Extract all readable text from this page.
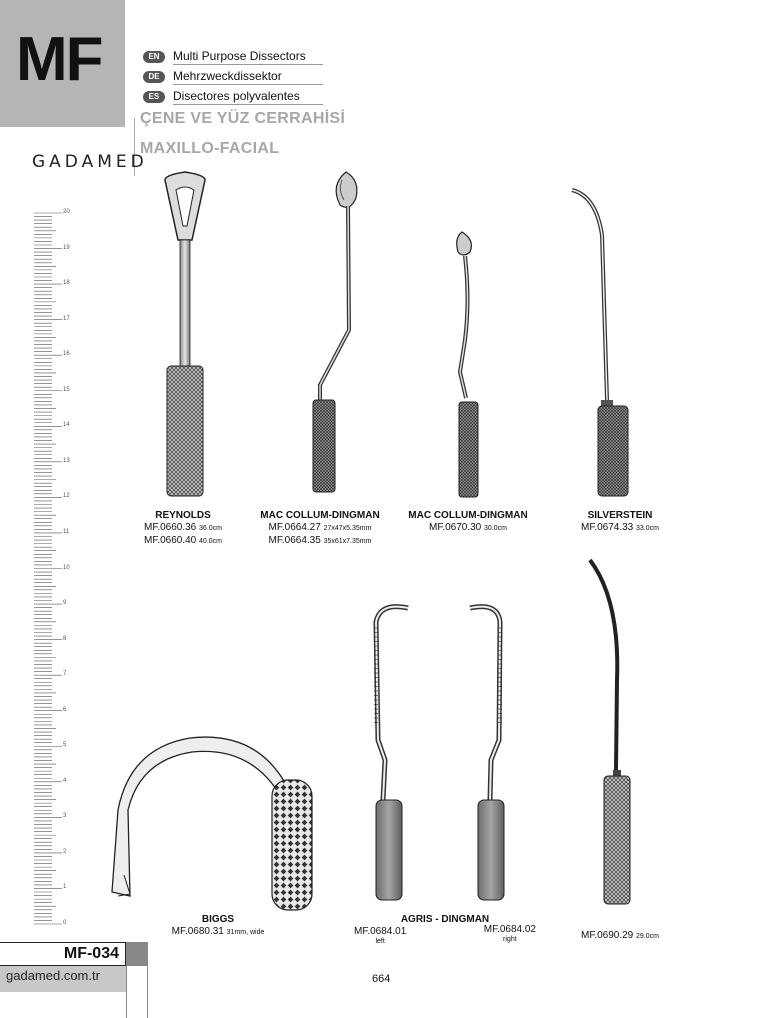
MF	EN	Multi Purpose Dissectors
DE	Mehrzweckdissektor
ES	Disectores polyvalentes
ÇENE VE YÜZ CERRAHİSİ
MAXILLO-FACIAL
GADAMED
20
19
18
17
16
15
14
13
12
11
10
9
8
7
6
5
4
3
2
1
0
REYNOLDS
MF.0660.36 36.0cm
MF.0660.40 40.0cm
MAC COLLUM-DINGMAN
MF.0664.27 27x47x5.35mm
MF.0664.35 35x61x7.35mm
MAC COLLUM-DINGMAN
MF.0670.30 30.0cm
SILVERSTEIN
MF.0674.33 33.0cm
BIGGS
MF.0680.31 31mm, wide
AGRIS - DINGMAN
MF.0684.01
left
MF.0684.02
right	MF.0690.29 29.0cm
MF-034
gadamed.com.tr	664
